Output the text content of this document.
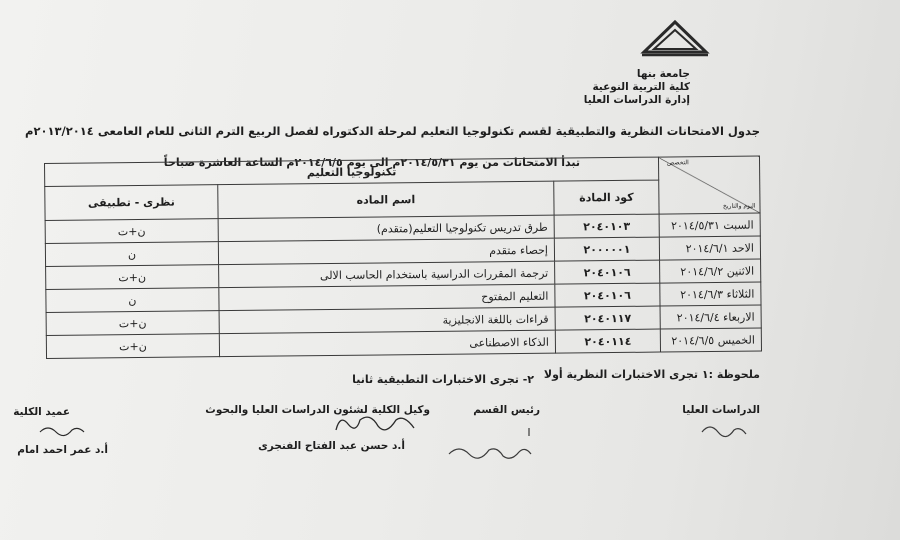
جامعة بنها
كلية التربية النوعية
إدارة الدراسات العليا
جدول الامتحانات النظرية والتطبيقية لقسم تكنولوجيا التعليم لمرحلة الدكتوراه لفصل الربيع الترم الثانى للعام العامعى ٢٠١٣/٢٠١٤م
تبدأ الامتحانات من يوم ٢٠١٤/٥/٣١م الى يوم ٢٠١٤/٦/٥م الساعة العاشرة صباحاً	التخصص
اليوم والتاريخ	تكنولوجيا التعليم		
	كود المادة	اسم الماده	نظرى - تطبيقى

السبت ٢٠١٤/٥/٣١	٢٠٤٠١٠٣	طرق تدريس تكنولوجيا التعليم(متقدم)	ن+ت
الاحد ٢٠١٤/٦/١	٢٠٠٠٠٠١	إحصاء متقدم	ن
الاثنين ٢٠١٤/٦/٢	٢٠٤٠١٠٦	ترجمة المقررات الدراسية باستخدام الحاسب الالى	ن+ت
الثلاثاء ٢٠١٤/٦/٣	٢٠٤٠١٠٦	التعليم المفتوح	ن
الاربعاء ٢٠١٤/٦/٤	٢٠٤٠١١٧	قراءات باللغة الانجليزية	ن+ت
الخميس ٢٠١٤/٦/٥	٢٠٤٠١١٤	الذكاء الاصطناعى	ن+ت
ملحوظة :١ تجرى الاختبارات النظرية أولا
٢- تجرى الاختبارات التطبيقية ثانيا
الدراسات العليا
رئيس القسم
وكيل الكلية لشئون الدراسات العليا والبحوث
أ.د حسن عبد الفتاح الفنجرى
عميد الكلية
أ.د عمر احمد امام
